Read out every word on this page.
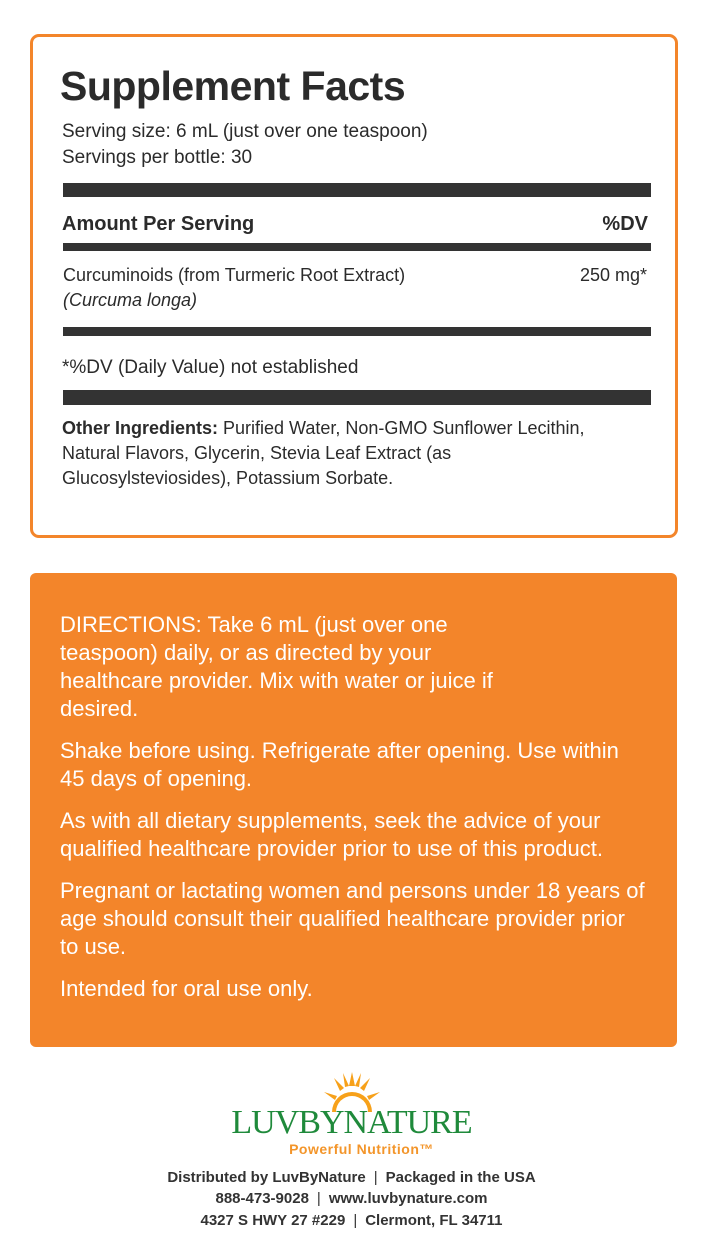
Supplement Facts
Serving size: 6 mL (just over one teaspoon)
Servings per bottle: 30
Amount Per Serving	%DV
Curcuminoids (from Turmeric Root Extract)
(Curcuma longa)
250 mg*
*%DV (Daily Value) not established
Other Ingredients: Purified Water, Non-GMO Sunflower Lecithin, Natural Flavors, Glycerin, Stevia Leaf Extract (as Glucosylsteviosides), Potassium Sorbate.

DIRECTIONS: Take 6 mL (just over one teaspoon) daily, or as directed by your healthcare provider. Mix with water or juice if desired.

Shake before using. Refrigerate after opening. Use within 45 days of opening.

As with all dietary supplements, seek the advice of your qualified healthcare provider prior to use of this product.

Pregnant or lactating women and persons under 18 years of age should consult their qualified healthcare provider prior to use.

Intended for oral use only.

LUVBYNATURE
Powerful Nutrition™
Distributed by LuvByNature | Packaged in the USA
888-473-9028 | www.luvbynature.com
4327 S HWY 27 #229 | Clermont, FL 34711
